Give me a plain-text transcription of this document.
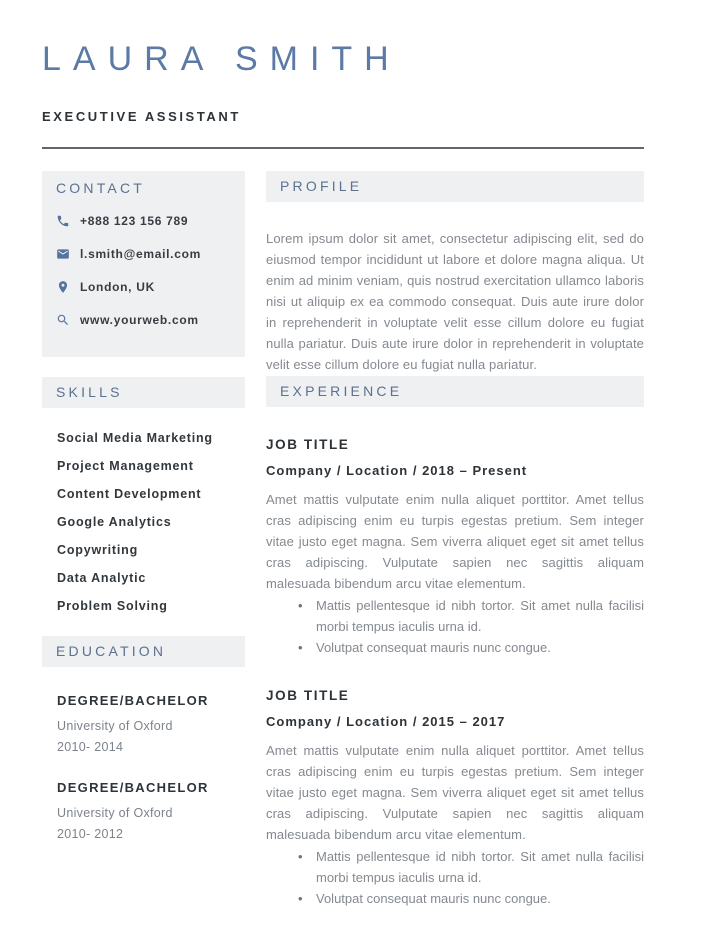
LAURA SMITH
EXECUTIVE ASSISTANT
CONTACT
+888 123 156 789
l.smith@email.com
London, UK
www.yourweb.com
SKILLS
Social Media Marketing
Project Management
Content Development
Google Analytics
Copywriting
Data Analytic
Problem Solving
EDUCATION
DEGREE/BACHELOR
University of Oxford
2010- 2014
DEGREE/BACHELOR
University of Oxford
2010- 2012
PROFILE

Lorem ipsum dolor sit amet, consectetur adipiscing elit, sed do eiusmod tempor incididunt ut labore et dolore magna aliqua. Ut enim ad minim veniam, quis nostrud exercitation ullamco laboris nisi ut aliquip ex ea commodo consequat. Duis aute irure dolor in reprehenderit in voluptate velit esse cillum dolore eu fugiat nulla pariatur. Duis aute irure dolor in reprehenderit in voluptate velit esse cillum dolore eu fugiat nulla pariatur.

EXPERIENCE
JOB TITLE
Company / Location / 2018 – Present

Amet mattis vulputate enim nulla aliquet porttitor. Amet tellus cras adipiscing enim eu turpis egestas pretium. Sem integer vitae justo eget magna. Sem viverra aliquet eget sit amet tellus cras adipiscing. Vulputate sapien nec sagittis aliquam malesuada bibendum arcu vitae elementum.

• Mattis pellentesque id nibh tortor. Sit amet nulla facilisi morbi tempus iaculis urna id.
• Volutpat consequat mauris nunc congue.
JOB TITLE
Company / Location / 2015 – 2017

Amet mattis vulputate enim nulla aliquet porttitor. Amet tellus cras adipiscing enim eu turpis egestas pretium. Sem integer vitae justo eget magna. Sem viverra aliquet eget sit amet tellus cras adipiscing. Vulputate sapien nec sagittis aliquam malesuada bibendum arcu vitae elementum.

• Mattis pellentesque id nibh tortor. Sit amet nulla facilisi morbi tempus iaculis urna id.
• Volutpat consequat mauris nunc congue.
